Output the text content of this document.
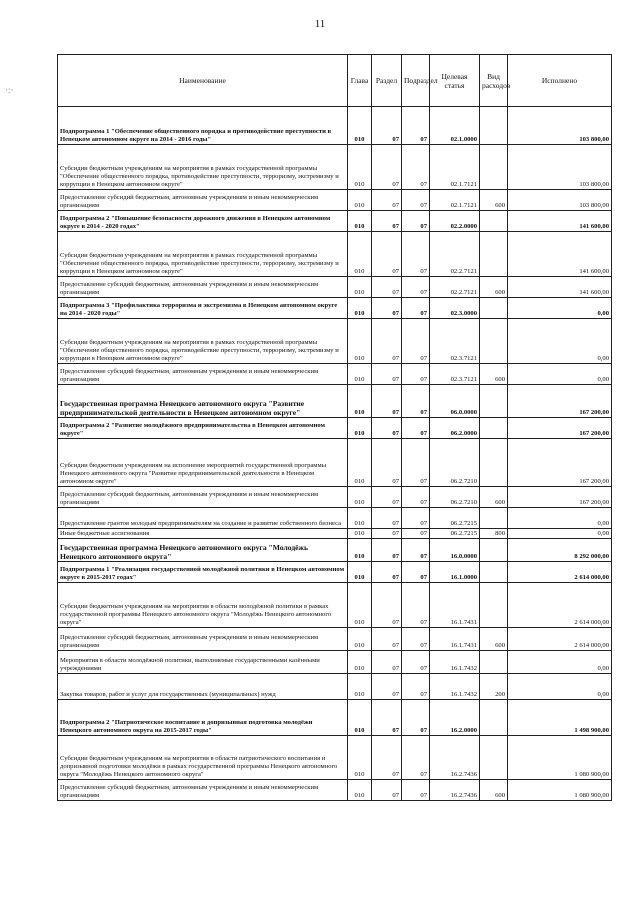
11
·:·
Наименование	Глава	Раздел	Подраздел	Целевая статья	Вид расходов	Исполнено
Подпрограмма 1 "Обеспечение общественного порядка и противодействие преступности в Ненецком автономном округе на 2014 - 2016 годы"	010	07	07	02.1.0000		103 800,00
Субсидии бюджетным учреждениям на мероприятия в рамках государственной программы "Обеспечение общественного порядка, противодействие преступности, терроризму, экстремизму и коррупции в Ненецком автономном округе"	010	07	07	02.1.7121		103 800,00
Предоставление субсидий бюджетным, автономным учреждениям и иным некоммерческим организациям	010	07	07	02.1.7121	600	103 800,00
Подпрограмма 2 "Повышение безопасности дорожного движения в Ненецком автономном округе в 2014 - 2020 годах"	010	07	07	02.2.0000		141 600,00
Субсидии бюджетным учреждениям на мероприятия в рамках государственной программы "Обеспечение общественного порядка, противодействие преступности, терроризму, экстремизму и коррупции в Ненецком автономном округе"	010	07	07	02.2.7121		141 600,00
Предоставление субсидий бюджетным, автономным учреждениям и иным некоммерческим организациям	010	07	07	02.2.7121	600	141 600,00
Подпрограмма 3 "Профилактика терроризма и экстремизма в Ненецком автономном округе на 2014 - 2020 годы"	010	07	07	02.3.0000		0,00
Субсидии бюджетным учреждениям на мероприятия в рамках государственной программы "Обеспечение общественного порядка, противодействие преступности, терроризму, экстремизму и коррупции в Ненецком автономном округе"	010	07	07	02.3.7121		0,00
Предоставление субсидий бюджетным, автономным учреждениям и иным некоммерческим организациям	010	07	07	02.3.7121	600	0,00
Государственная программа Ненецкого автономного округа "Развитие предпринимательской деятельности в Ненецком автономном округе"	010	07	07	06.0.0000		167 200,00
Подпрограмма 2 "Развитие молодёжного предпринимательства в Ненецком автономном округе"	010	07	07	06.2.0000		167 200,00
Субсидии бюджетным учреждениям на исполнение мероприятий государственной программы Ненецкого автономного округа "Развитие предпринимательской деятельности в Ненецком автономном округе"	010	07	07	06.2.7210		167 200,00
Предоставление субсидий бюджетным, автономным учреждениям и иным некоммерческим организациям	010	07	07	06.2.7210	600	167 200,00
Предоставление грантов молодым предпринимателям на создание и развитие собственного бизнеса	010	07	07	06.2.7215		0,00
Иные бюджетные ассигнования	010	07	07	06.2.7215	800	0,00
Государственная программа Ненецкого автономного округа "Молодёжь Ненецкого автономного округа"	010	07	07	16.0.0000		8 292 000,00
Подпрограмма 1 "Реализация государственной молодёжной политики в Ненецком автономном округе в 2015-2017 годах"	010	07	07	16.1.0000		2 614 000,00
Субсидии бюджетным учреждениям на мероприятия в области молодёжной политики в рамках государственной программы Ненецкого автономного округа "Молодёжь Ненецкого автономного округа"	010	07	07	16.1.7431		2 614 000,00
Предоставление субсидий бюджетным, автономным учреждениям и иным некоммерческим организациям	010	07	07	16.1.7431	600	2 614 000,00
Мероприятия в области молодёжной политики, выполняемые государственными казёнными учреждениями	010	07	07	16.1.7432		0,00
Закупка товаров, работ и услуг для государственных (муниципальных) нужд	010	07	07	16.1.7432	200	0,00
Подпрограмма 2 "Патриотическое воспитание и допризывная подготовка молодёжи Ненецкого автономного округа на 2015-2017 годы"	010	07	07	16.2.0000		1 498 900,00
Субсидии бюджетным учреждениям на мероприятия в области патриотического воспитания и допризывной подготовки молодёжи в рамках государственной программы Ненецкого автономного округа "Молодёжь Ненецкого автономного округа"	010	07	07	16.2.7436		1 080 900,00
Предоставление субсидий бюджетным, автономным учреждениям и иным некоммерческим организациям	010	07	07	16.2.7436	600	1 080 900,00
